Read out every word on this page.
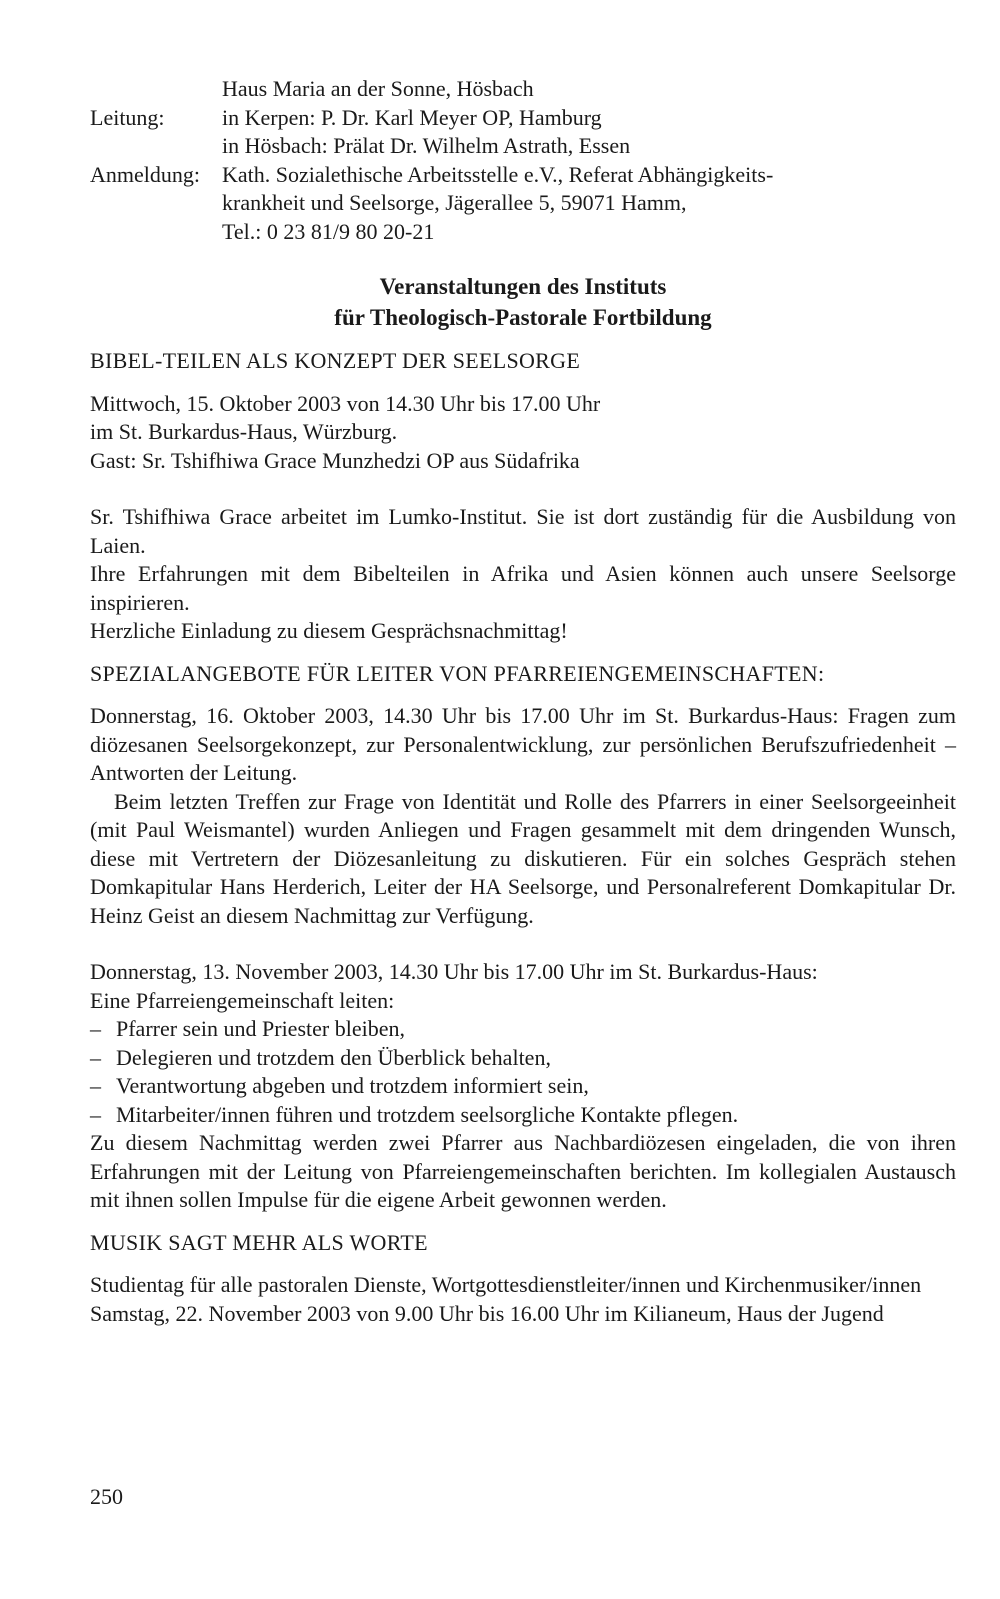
Haus Maria an der Sonne, Hösbach
Leitung:	in Kerpen: P. Dr. Karl Meyer OP, Hamburg
in Hösbach: Prälat Dr. Wilhelm Astrath, Essen
Anmeldung:	Kath. Sozialethische Arbeitsstelle e.V., Referat Abhängigkeits-
krankheit und Seelsorge, Jägerallee 5, 59071 Hamm,
Tel.: 0 23 81/9 80 20-21
Veranstaltungen des Instituts
für Theologisch-Pastorale Fortbildung
BIBEL-TEILEN ALS KONZEPT DER SEELSORGE
Mittwoch, 15. Oktober 2003 von 14.30 Uhr bis 17.00 Uhr
im St. Burkardus-Haus, Würzburg.
Gast: Sr. Tshifhiwa Grace Munzhedzi OP aus Südafrika
Sr. Tshifhiwa Grace arbeitet im Lumko-Institut. Sie ist dort zuständig für die Ausbildung von Laien.
Ihre Erfahrungen mit dem Bibelteilen in Afrika und Asien können auch unsere Seelsorge inspirieren.
Herzliche Einladung zu diesem Gesprächsnachmittag!
SPEZIALANGEBOTE FÜR LEITER VON PFARREIENGEMEINSCHAFTEN:
Donnerstag, 16. Oktober 2003, 14.30 Uhr bis 17.00 Uhr im St. Burkardus-Haus: Fragen zum diözesanen Seelsorgekonzept, zur Personalentwicklung, zur persönlichen Berufszufriedenheit – Antworten der Leitung.
Beim letzten Treffen zur Frage von Identität und Rolle des Pfarrers in einer Seelsorgeeinheit (mit Paul Weismantel) wurden Anliegen und Fragen gesammelt mit dem dringenden Wunsch, diese mit Vertretern der Diözesanleitung zu diskutieren. Für ein solches Gespräch stehen Domkapitular Hans Herderich, Leiter der HA Seelsorge, und Personalreferent Domkapitular Dr. Heinz Geist an diesem Nachmittag zur Verfügung.
Donnerstag, 13. November 2003, 14.30 Uhr bis 17.00 Uhr im St. Burkardus-Haus:
Eine Pfarreiengemeinschaft leiten:
– Pfarrer sein und Priester bleiben,
– Delegieren und trotzdem den Überblick behalten,
– Verantwortung abgeben und trotzdem informiert sein,
– Mitarbeiter/innen führen und trotzdem seelsorgliche Kontakte pflegen.
Zu diesem Nachmittag werden zwei Pfarrer aus Nachbardiözesen eingeladen, die von ihren Erfahrungen mit der Leitung von Pfarreiengemeinschaften berichten. Im kollegialen Austausch mit ihnen sollen Impulse für die eigene Arbeit gewonnen werden.
MUSIK SAGT MEHR ALS WORTE
Studientag für alle pastoralen Dienste, Wortgottesdienstleiter/innen und Kirchenmusiker/innen
Samstag, 22. November 2003 von 9.00 Uhr bis 16.00 Uhr im Kilianeum, Haus der Jugend
250
